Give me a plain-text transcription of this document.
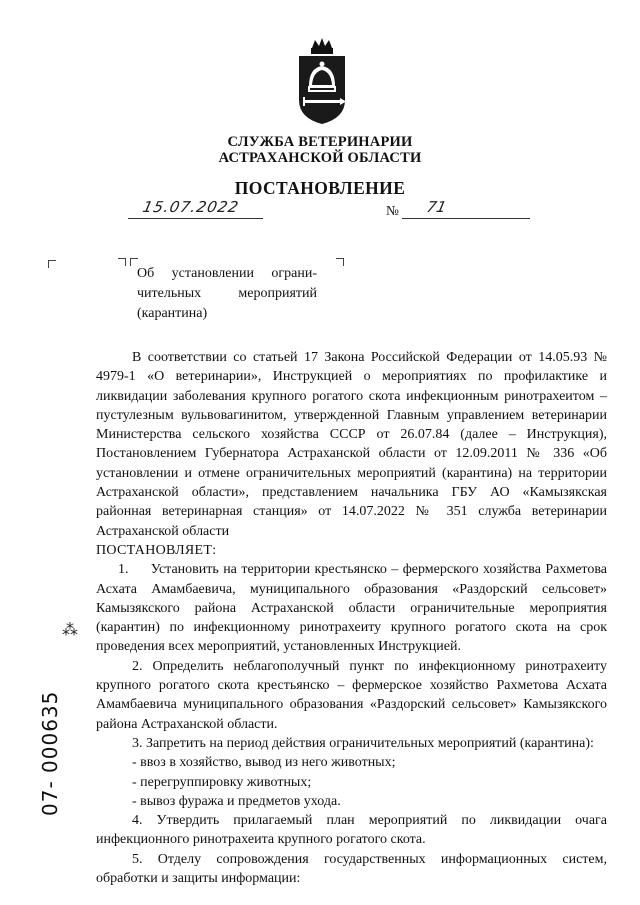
СЛУЖБА ВЕТЕРИНАРИИ
АСТРАХАНСКОЙ ОБЛАСТИ
ПОСТАНОВЛЕНИЕ
15.07.2022	№ 71
Об установлении ограни-
чительных мероприятий
(карантина)

В соответствии со статьей 17 Закона Российской Федерации от 14.05.93 № 4979-1 «О ветеринарии», Инструкцией о мероприятиях по профилактике и ликвидации заболевания крупного рогатого скота инфекционным ринотрахеитом – пустулезным вульвовагинитом, утвержденной Главным управлением ветеринарии Министерства сельского хозяйства СССР от 26.07.84 (далее – Инструкция), Постановлением Губернатора Астраханской области от 12.09.2011 № 336 «Об установлении и отмене ограничительных мероприятий (карантина) на территории Астраханской области», представлением начальника ГБУ АО «Камызякская районная ветеринарная станция» от 14.07.2022 № 351 служба ветеринарии Астраханской области

ПОСТАНОВЛЯЕТ:

1.     Установить на территории крестьянско – фермерского хозяйства Рахметова Асхата Амамбаевича, муниципального образования «Раздорский сельсовет» Камызякского района Астраханской области ограничительные мероприятия (карантин) по инфекционному ринотрахеиту крупного рогатого скота на срок проведения всех мероприятий, установленных Инструкцией.

2. Определить неблагополучный пункт по инфекционному ринотрахеиту крупного рогатого скота крестьянско – фермерское хозяйство Рахметова Асхата Амамбаевича муниципального образования «Раздорский сельсовет» Камызякского района Астраханской области.

3. Запретить на период действия ограничительных мероприятий (карантина):

- ввоз в хозяйство, вывод из него животных;

- перегруппировку животных;

- вывоз фуража и предметов ухода.

4. Утвердить прилагаемый план мероприятий по ликвидации очага инфекционного ринотрахеита крупного рогатого скота.

5. Отделу сопровождения государственных информационных систем, обработки и защиты информации:

⁂
07- 000635
